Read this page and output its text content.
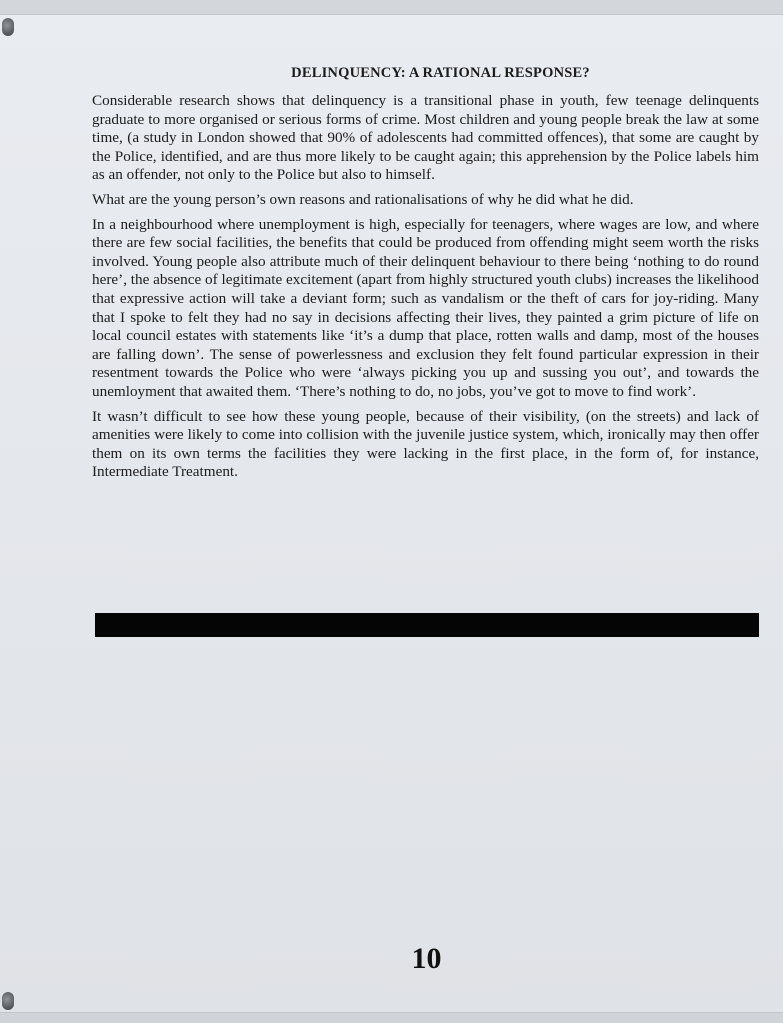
DELINQUENCY: A RATIONAL RESPONSE?

Considerable research shows that delinquency is a transitional phase in youth, few teenage delinquents graduate to more organised or serious forms of crime. Most children and young people break the law at some time, (a study in London showed that 90% of adolescents had committed offences), that some are caught by the Police, identified, and are thus more likely to be caught again; this apprehension by the Police labels him as an offender, not only to the Police but also to himself.

What are the young person’s own reasons and rationalisations of why he did what he did.

In a neighbourhood where unemployment is high, especially for teenagers, where wages are low, and where there are few social facilities, the benefits that could be produced from offending might seem worth the risks involved. Young people also attribute much of their delinquent behaviour to there being ‘nothing to do round here’, the absence of legitimate excitement (apart from highly structured youth clubs) increases the likelihood that expressive action will take a deviant form; such as vandalism or the theft of cars for joy-riding. Many that I spoke to felt they had no say in decisions affecting their lives, they painted a grim picture of life on local council estates with statements like ‘it’s a dump that place, rotten walls and damp, most of the houses are falling down’. The sense of powerlessness and exclusion they felt found particular expression in their resentment towards the Police who were ‘always picking you up and sussing you out’, and towards the unemloyment that awaited them. ‘There’s nothing to do, no jobs, you’ve got to move to find work’.

It wasn’t difficult to see how these young people, because of their visibility, (on the streets) and lack of amenities were likely to come into collision with the juvenile justice system, which, ironically may then offer them on its own terms the facilities they were lacking in the first place, in the form of, for instance, Intermediate Treatment.

10
